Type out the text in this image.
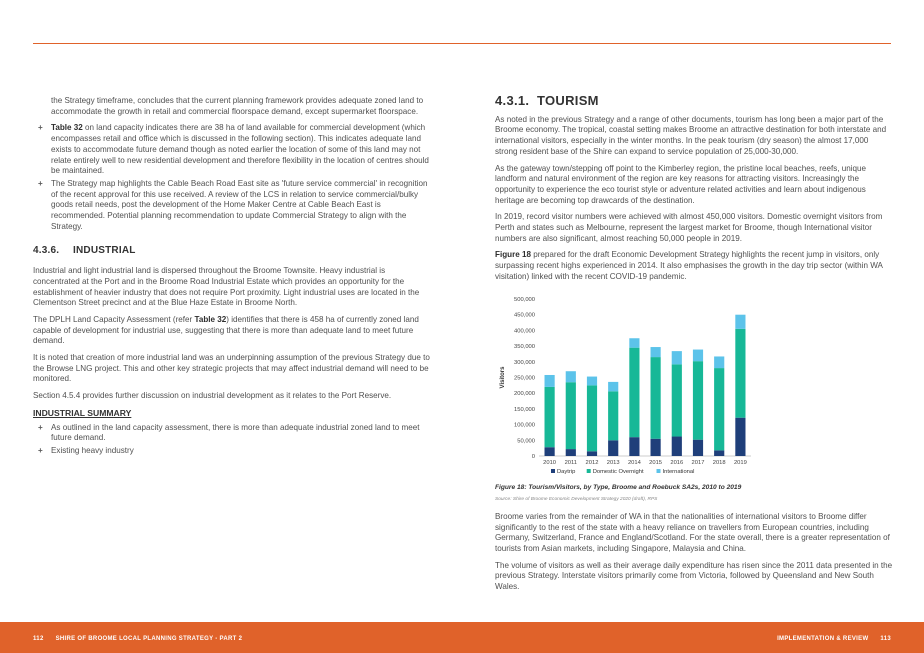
the Strategy timeframe, concludes that the current planning framework provides adequate zoned land to accommodate the growth in retail and commercial floorspace demand, except supermarket floorspace.

+ Table 32 on land capacity indicates there are 38 ha of land available for commercial development (which encompasses retail and office which is discussed in the following section). This indicates adequate land exists to accommodate future demand though as noted earlier the location of some of this land may not relate entirely well to new residential development and therefore flexibility in the location of centres should be maintained.
+ The Strategy map highlights the Cable Beach Road East site as 'future service commercial' in recognition of the recent approval for this use received. A review of the LCS in relation to service commercial/bulky goods retail needs, post the development of the Home Maker Centre at Cable Beach East is recommended. Potential planning recommendation to update Commercial Strategy to align with the Strategy.
4.3.6. INDUSTRIAL

Industrial and light industrial land is dispersed throughout the Broome Townsite. Heavy industrial is concentrated at the Port and in the Broome Road Industrial Estate which provides an opportunity for the establishment of heavier industry that does not require Port proximity. Light industrial uses are located in the Clementson Street precinct and at the Blue Haze Estate in Broome North.

The DPLH Land Capacity Assessment (refer Table 32) identifies that there is 458 ha of currently zoned land capable of development for industrial use, suggesting that there is more than adequate land to meet future demand.

It is noted that creation of more industrial land was an underpinning assumption of the previous Strategy due to the Browse LNG project. This and other key strategic projects that may affect industrial demand will need to be monitored.

Section 4.5.4 provides further discussion on industrial development as it relates to the Port Reserve.

INDUSTRIAL SUMMARY
+ As outlined in the land capacity assessment, there is more than adequate industrial zoned land to meet future demand.
+ Existing heavy industry
4.3.1. TOURISM

As noted in the previous Strategy and a range of other documents, tourism has long been a major part of the Broome economy. The tropical, coastal setting makes Broome an attractive destination for both interstate and international visitors, especially in the winter months. In the peak tourism (dry season) the almost 17,000 strong resident base of the Shire can expand to service population of 25,000-30,000.

As the gateway town/stepping off point to the Kimberley region, the pristine local beaches, reefs, unique landform and natural environment of the region are key reasons for attracting visitors. Increasingly the opportunity to experience the eco tourist style or adventure related activities and learn about indigenous heritage are becoming top drawcards of the destination.

In 2019, record visitor numbers were achieved with almost 450,000 visitors. Domestic overnight visitors from Perth and states such as Melbourne, represent the largest market for Broome, though International visitor numbers are also significant, almost reaching 50,000 people in 2019.

Figure 18 prepared for the draft Economic Development Strategy highlights the recent jump in visitors, only surpassing recent highs experienced in 2014. It also emphasises the growth in the day trip sector (within WA visitation) linked with the recent COVID-19 pandemic.

0
50,000
100,000
150,000
200,000
250,000
300,000
350,000
400,000
450,000
500,000
Visitors
2010 2011 2012 2013 2014 2015 2016 2017 2018 2019
Daytrip	Domestic Overnight	International
Figure 18: Tourism/Visitors, by Type, Broome and Roebuck SA2s, 2010 to 2019
Source: Shire of Broome Economic Development Strategy 2020 (draft), RPS

Broome varies from the remainder of WA in that the nationalities of international visitors to Broome differ significantly to the rest of the state with a heavy reliance on travellers from European countries, including Germany, Switzerland, France and England/Scotland. For the state overall, there is a greater representation of tourists from Asian markets, including Singapore, Malaysia and China.

The volume of visitors as well as their average daily expenditure has risen since the 2011 data presented in the previous Strategy. Interstate visitors primarily come from Victoria, followed by Queensland and New South Wales.

112 SHIRE OF BROOME LOCAL PLANNING STRATEGY - PART 2	IMPLEMENTATION & REVIEW 113
